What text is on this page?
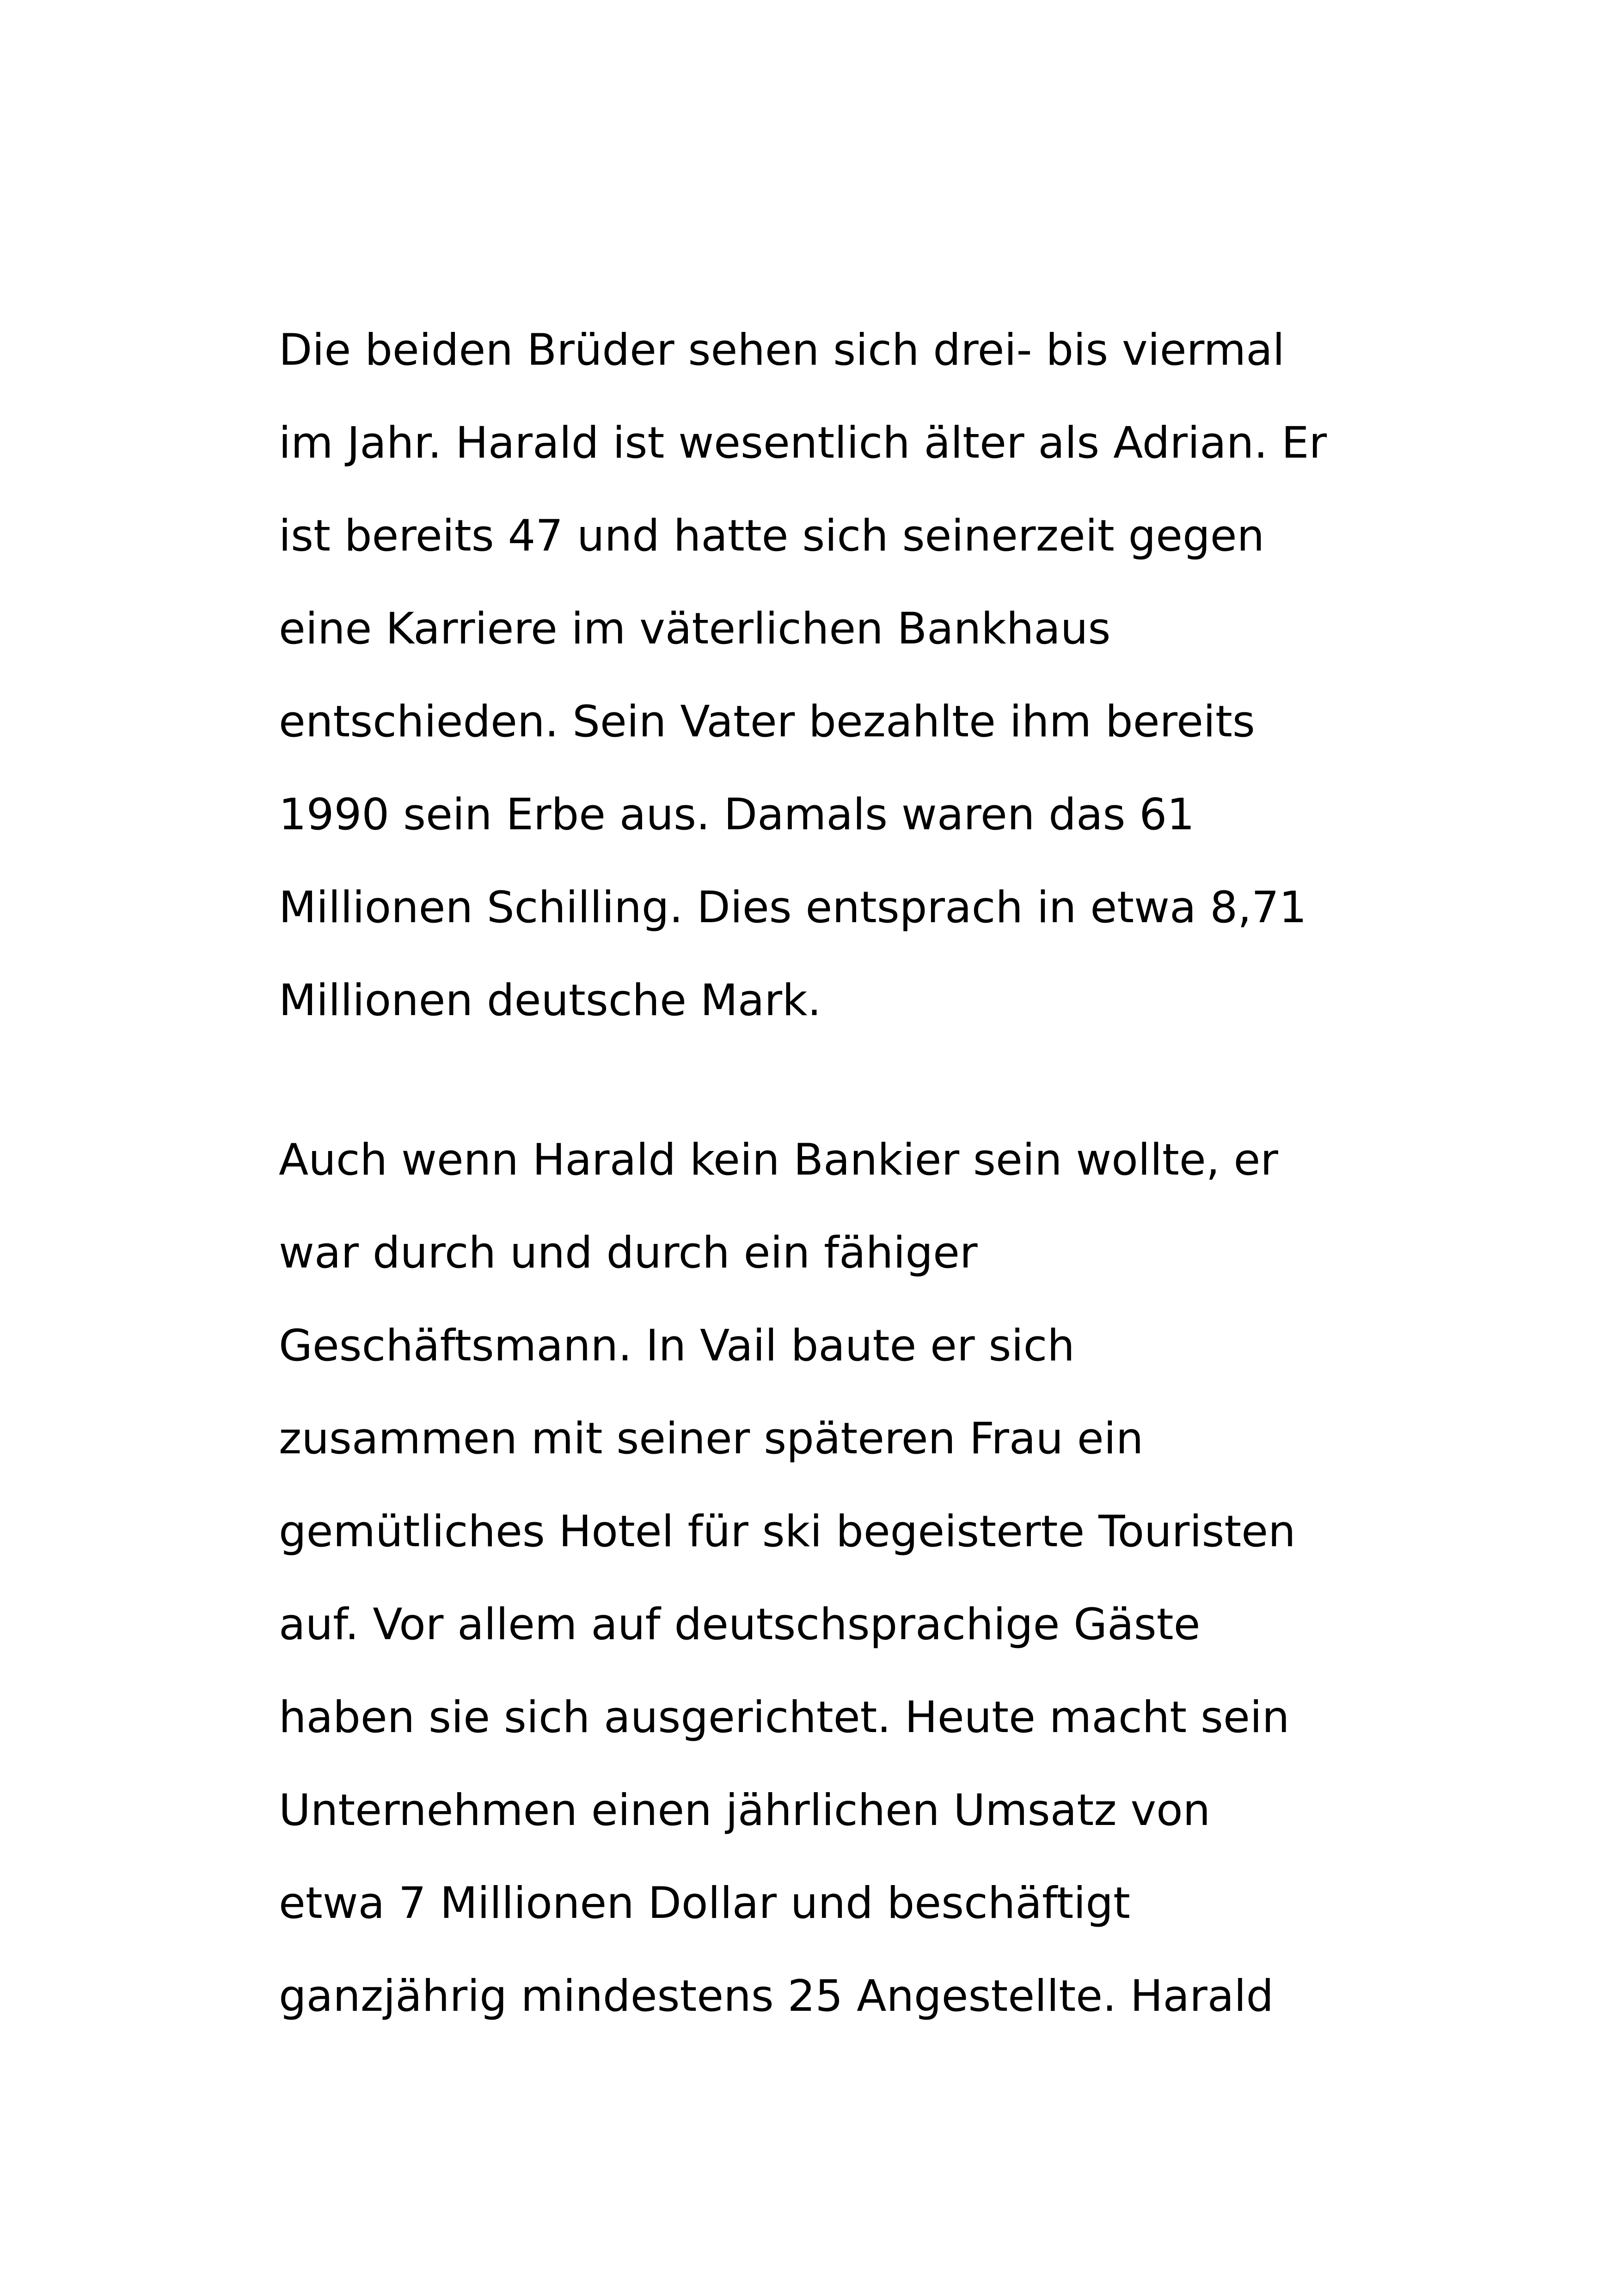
Die beiden Brüder sehen sich drei- bis viermal
im Jahr. Harald ist wesentlich älter als Adrian. Er
ist bereits 47 und hatte sich seinerzeit gegen
eine Karriere im väterlichen Bankhaus
entschieden. Sein Vater bezahlte ihm bereits
1990 sein Erbe aus. Damals waren das 61
Millionen Schilling. Dies entsprach in etwa 8,71
Millionen deutsche Mark.
Auch wenn Harald kein Bankier sein wollte, er
war durch und durch ein fähiger
Geschäftsmann. In Vail baute er sich
zusammen mit seiner späteren Frau ein
gemütliches Hotel für ski begeisterte Touristen
auf. Vor allem auf deutschsprachige Gäste
haben sie sich ausgerichtet. Heute macht sein
Unternehmen einen jährlichen Umsatz von
etwa 7 Millionen Dollar und beschäftigt
ganzjährig mindestens 25 Angestellte. Harald
